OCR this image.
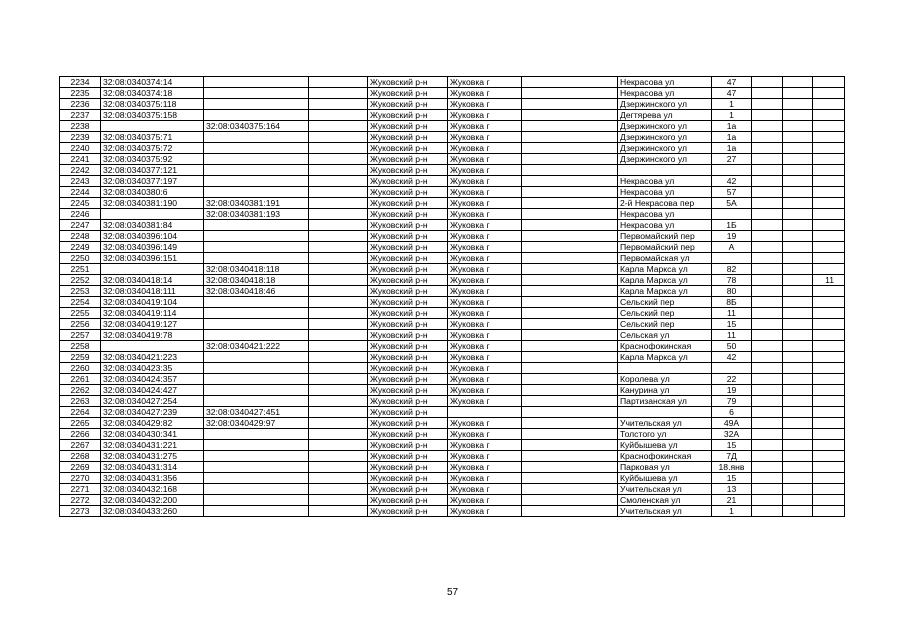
2234	32:08:0340374:14			Жуковский р-н	Жуковка г		Некрасова ул	47			
2235	32:08:0340374:18			Жуковский р-н	Жуковка г		Некрасова ул	47			
2236	32:08:0340375:118			Жуковский р-н	Жуковка г		Дзержинского ул	1			
2237	32:08:0340375:158			Жуковский р-н	Жуковка г		Дегтярева ул	1			
2238		32:08:0340375:164		Жуковский р-н	Жуковка г		Дзержинского ул	1а			
2239	32:08:0340375:71			Жуковский р-н	Жуковка г		Дзержинского ул	1а			
2240	32:08:0340375:72			Жуковский р-н	Жуковка г		Дзержинского ул	1а			
2241	32:08:0340375:92			Жуковский р-н	Жуковка г		Дзержинского ул	27			
2242	32:08:0340377:121			Жуковский р-н	Жуковка г						
2243	32:08:0340377:197			Жуковский р-н	Жуковка г		Некрасова ул	42			
2244	32:08:0340380:6			Жуковский р-н	Жуковка г		Некрасова ул	57			
2245	32:08:0340381:190	32:08:0340381:191		Жуковский р-н	Жуковка г		2-й Некрасова пер	5А			
2246		32:08:0340381:193		Жуковский р-н	Жуковка г		Некрасова ул				
2247	32:08:0340381:84			Жуковский р-н	Жуковка г		Некрасова ул	1Б			
2248	32:08:0340396:104			Жуковский р-н	Жуковка г		Первомайский пер	19			
2249	32:08:0340396:149			Жуковский р-н	Жуковка г		Первомайский пер	А			
2250	32:08:0340396:151			Жуковский р-н	Жуковка г		Первомайская ул				
2251		32:08:0340418:118		Жуковский р-н	Жуковка г		Карла Маркса ул	82			
2252	32:08:0340418:14	32:08:0340418:18		Жуковский р-н	Жуковка г		Карла Маркса ул	78			11
2253	32:08:0340418:111	32:08:0340418:46		Жуковский р-н	Жуковка г		Карла Маркса ул	80			
2254	32:08:0340419:104			Жуковский р-н	Жуковка г		Сельский пер	8Б			
2255	32:08:0340419:114			Жуковский р-н	Жуковка г		Сельский пер	11			
2256	32:08:0340419:127			Жуковский р-н	Жуковка г		Сельский пер	15			
2257	32:08:0340419:78			Жуковский р-н	Жуковка г		Сельская ул	11			
2258		32:08:0340421:222		Жуковский р-н	Жуковка г		Краснофокинская	50			
2259	32:08:0340421:223			Жуковский р-н	Жуковка г		Карла Маркса ул	42			
2260	32:08:0340423:35			Жуковский р-н	Жуковка г						
2261	32:08:0340424:357			Жуковский р-н	Жуковка г		Королева ул	22			
2262	32:08:0340424:427			Жуковский р-н	Жуковка г		Канурина ул	19			
2263	32:08:0340427:254			Жуковский р-н	Жуковка г		Партизанская ул	79			
2264	32:08:0340427:239	32:08:0340427:451		Жуковский р-н				6			
2265	32:08:0340429:82	32:08:0340429:97		Жуковский р-н	Жуковка г		Учительская ул	49А			
2266	32:08:0340430:341			Жуковский р-н	Жуковка г		Толстого ул	32А			
2267	32:08:0340431:221			Жуковский р-н	Жуковка г		Куйбышева ул	15			
2268	32:08:0340431:275			Жуковский р-н	Жуковка г		Краснофокинская	7Д			
2269	32:08:0340431:314			Жуковский р-н	Жуковка г		Парковая ул	18.янв			
2270	32:08:0340431:356			Жуковский р-н	Жуковка г		Куйбышева ул	15			
2271	32:08:0340432:168			Жуковский р-н	Жуковка г		Учительская ул	13			
2272	32:08:0340432:200			Жуковский р-н	Жуковка г		Смоленская ул	21			
2273	32:08:0340433:260			Жуковский р-н	Жуковка г		Учительская ул	1			
57
